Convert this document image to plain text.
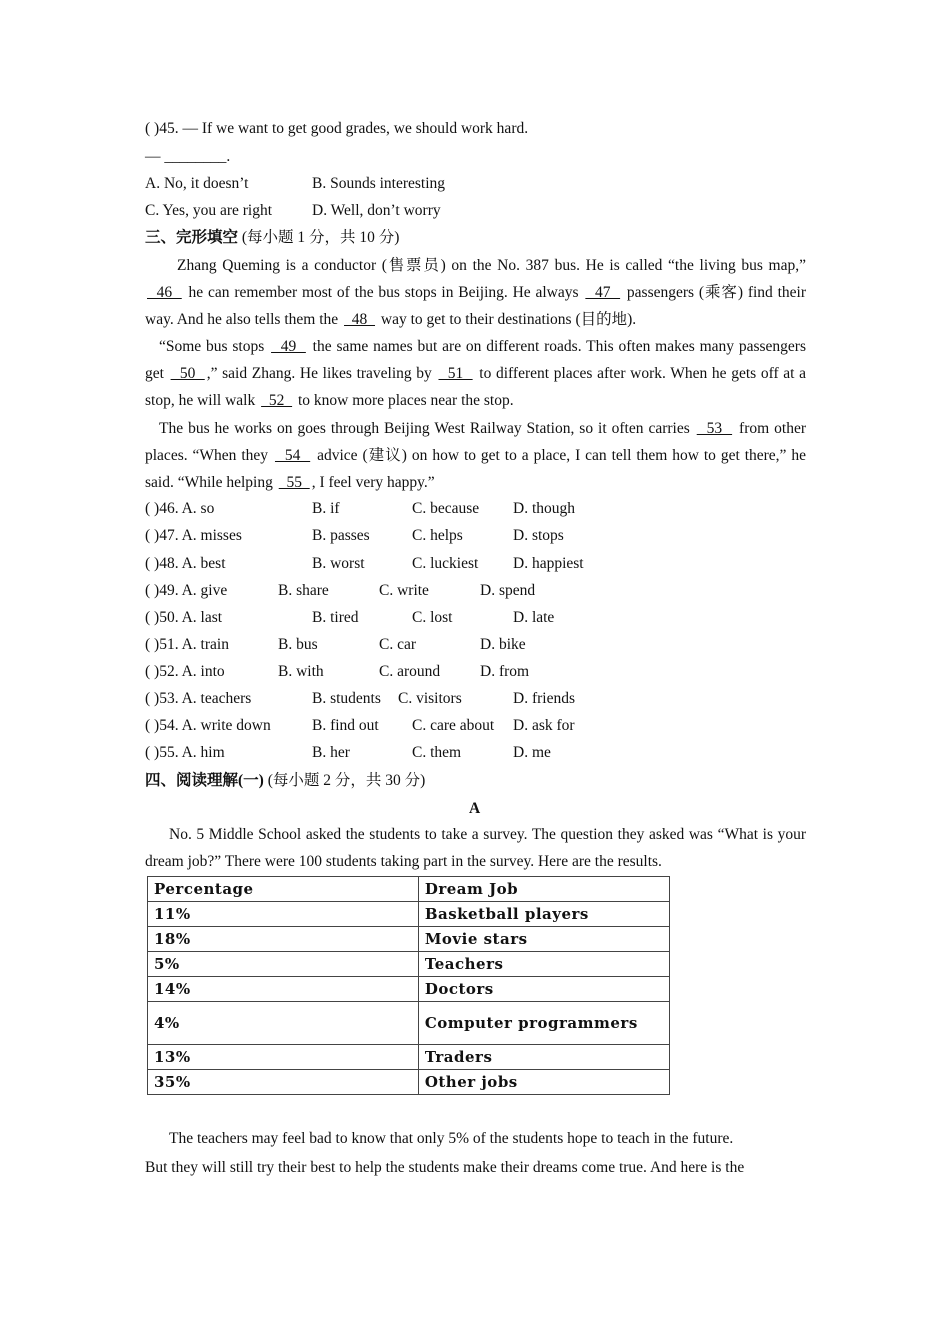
( )45. — If we want to get good grades, we should work hard.
— ________.
A. No, it doesn’t	B. Sounds interesting
C. Yes, you are right	D. Well, don’t worry
三、完形填空 (每小题 1 分，共 10 分)
Zhang Queming is a conductor (售票员) on the No. 387 bus. He is called “the living bus map,”   46   he can remember most of the bus stops in Beijing. He always   47   passengers (乘客) find their way. And he also tells them the   48   way to get to their destinations (目的地).
“Some bus stops   49   the same names but are on different roads. This often makes many passengers get   50  ,” said Zhang. He likes traveling by   51   to different places after work. When he gets off at a stop, he will walk   52   to know more places near the stop.
The bus he works on goes through Beijing West Railway Station, so it often carries   53   from other places. “When they   54   advice (建议) on how to get to a place, I can tell them how to get there,” he said. “While helping   55  , I feel very happy.”
( )46. A. so	B. if	C. because D. though
( )47. A. misses	B. passes	C. helps	D. stops
( )48. A. best	B. worst	C. luckiest D. happiest
( )49. A. give	B. share	C. write	D. spend
( )50. A. last	B. tired	C. lost	D. late
( )51. A. train	B. bus	C. car	D. bike
( )52. A. into	B. with	C. around	D. from
( )53. A. teachers	B. students C. visitors	D. friends
( )54. A. write down	B. find out C. care about D. ask for
( )55. A. him	B. her	C. them	D. me
四、阅读理解(一) (每小题 2 分，共 30 分)
A
No. 5 Middle School asked the students to take a survey. The question they asked was “What is your dream job?” There were 100 students taking part in the survey. Here are the results.
Percentage	Dream Job
11%	Basketball players
18%	Movie stars
5%	Teachers
14%	Doctors
4%	Computer programmers
13%	Traders
35%	Other jobs
The teachers may feel bad to know that only 5% of the students hope to teach in the future.
But they will still try their best to help the students make their dreams come true. And here is the
